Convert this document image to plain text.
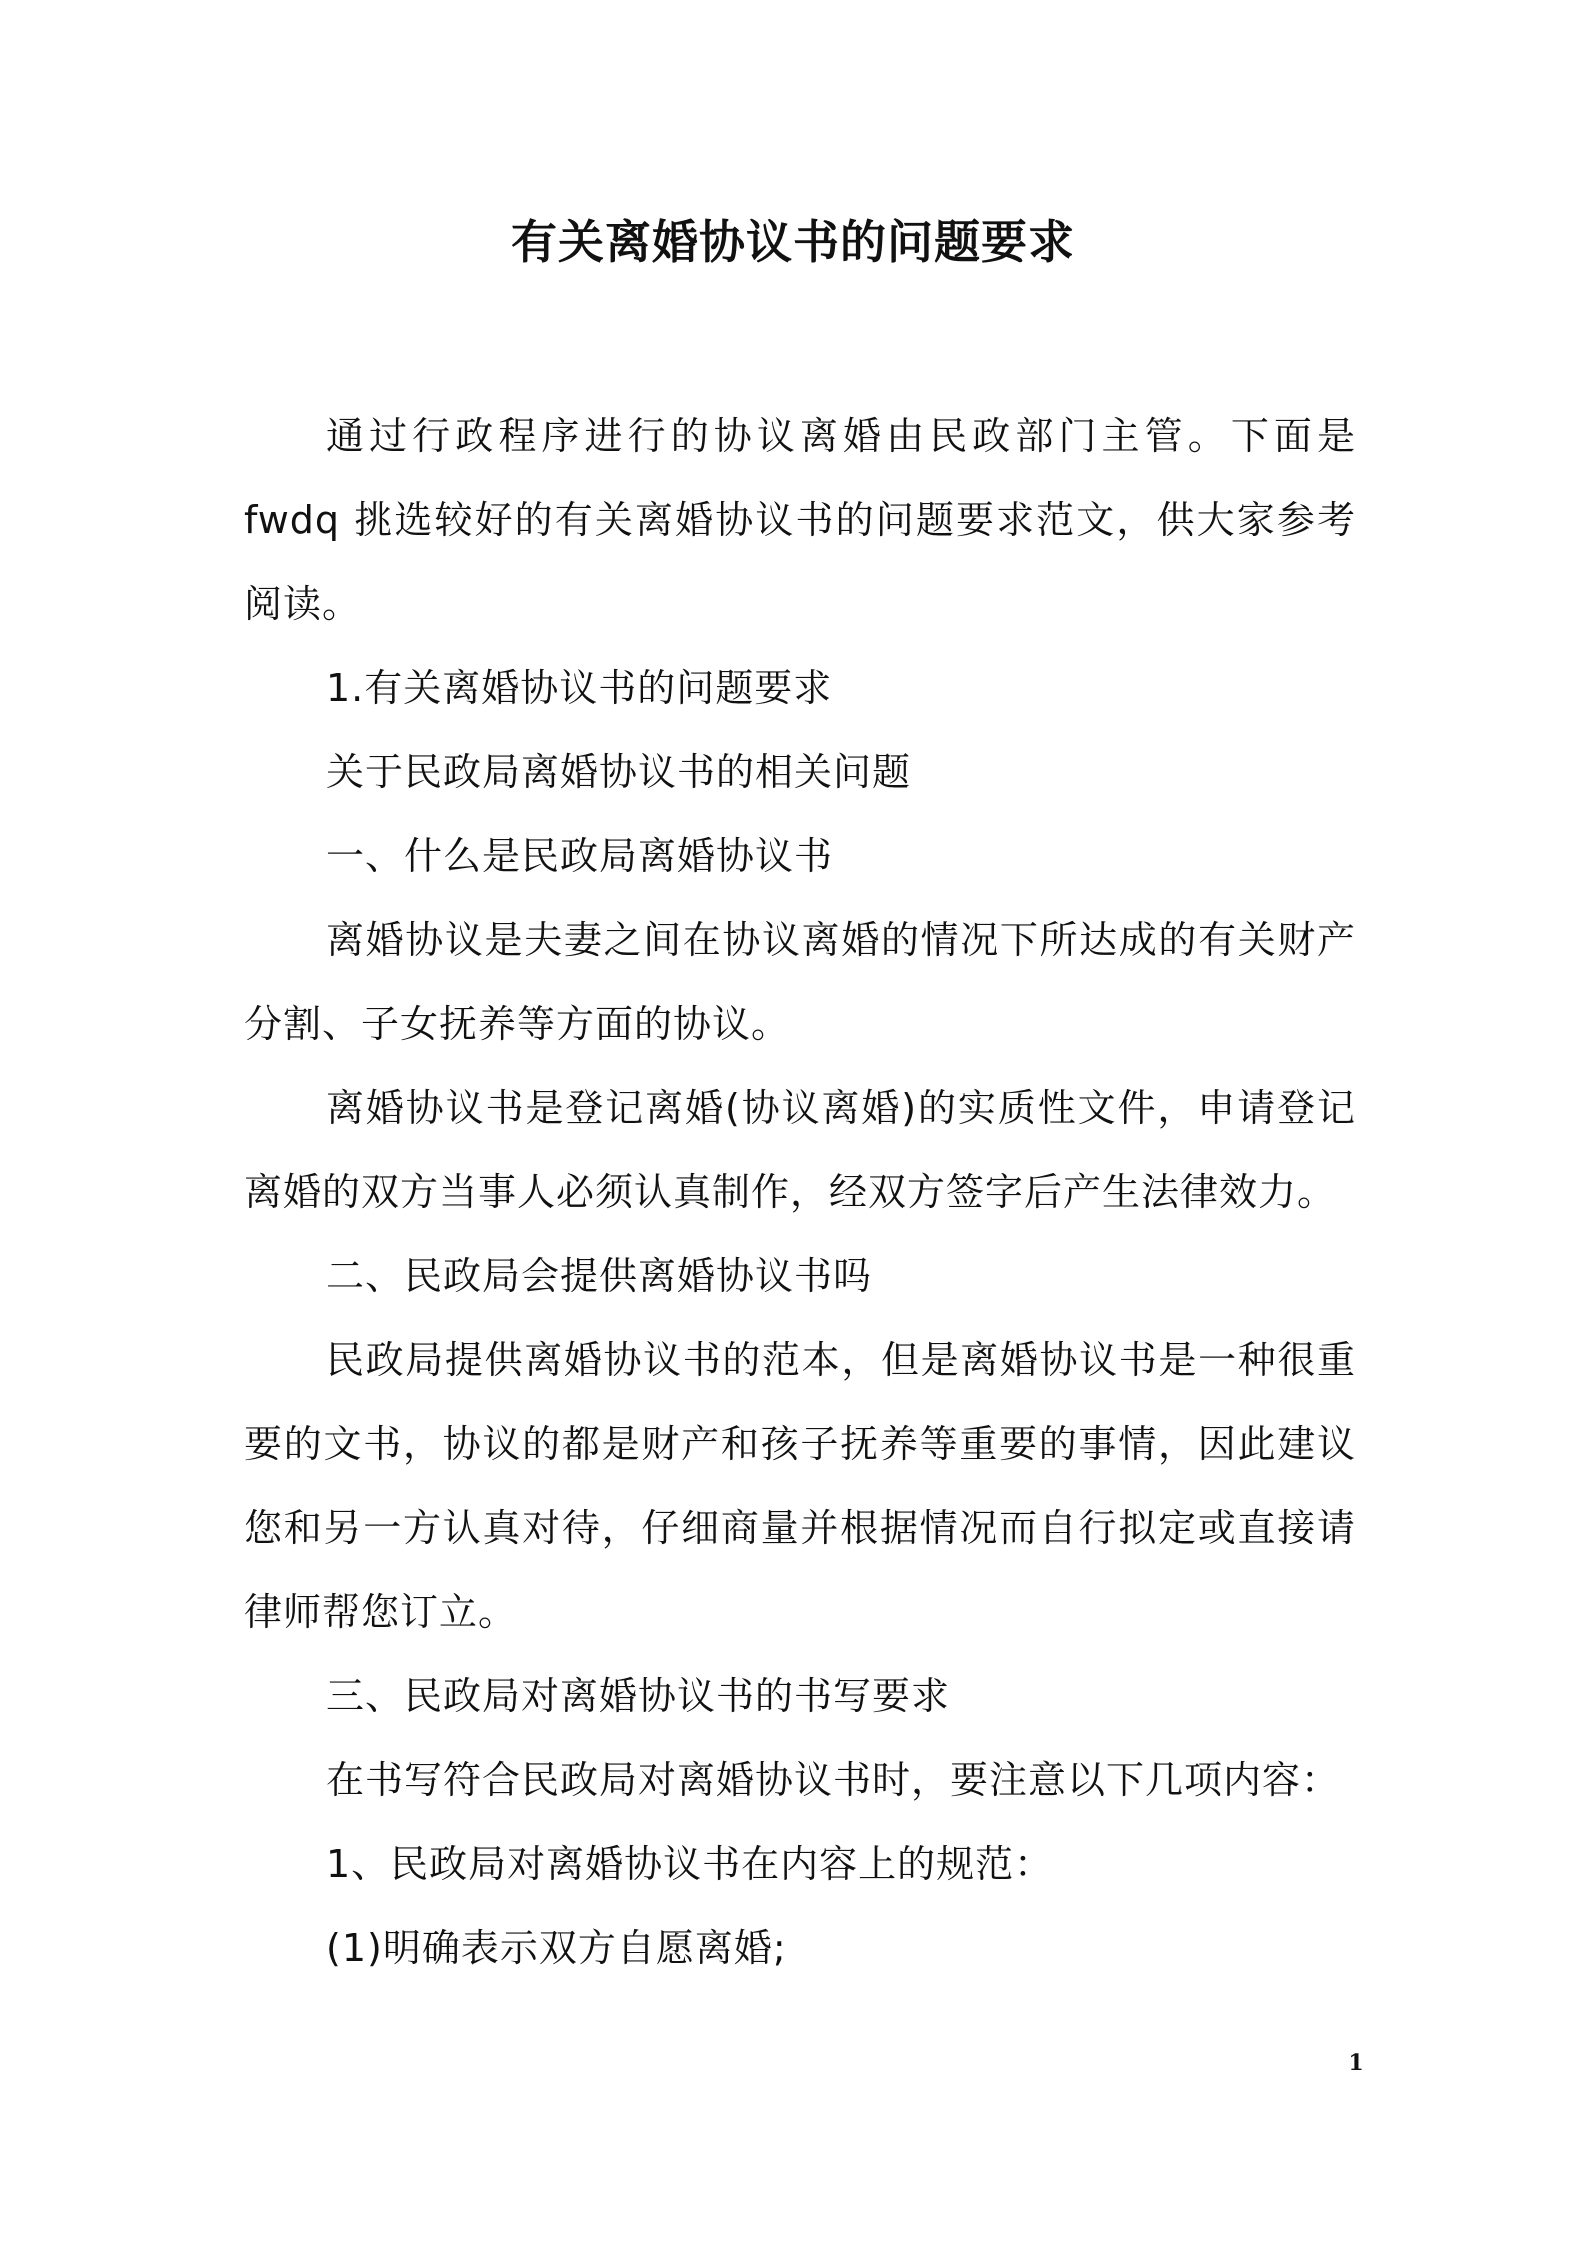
有关离婚协议书的问题要求

通过行政程序进行的协议离婚由民政部门主管。下面是fwdq 挑选较好的有关离婚协议书的问题要求范文，供大家参考阅读。

1.有关离婚协议书的问题要求

关于民政局离婚协议书的相关问题

一、什么是民政局离婚协议书

离婚协议是夫妻之间在协议离婚的情况下所达成的有关财产分割、子女抚养等方面的协议。

离婚协议书是登记离婚(协议离婚)的实质性文件，申请登记离婚的双方当事人必须认真制作，经双方签字后产生法律效力。

二、民政局会提供离婚协议书吗

民政局提供离婚协议书的范本，但是离婚协议书是一种很重要的文书，协议的都是财产和孩子抚养等重要的事情，因此建议您和另一方认真对待，仔细商量并根据情况而自行拟定或直接请律师帮您订立。

三、民政局对离婚协议书的书写要求

在书写符合民政局对离婚协议书时，要注意以下几项内容：

1、民政局对离婚协议书在内容上的规范：

(1)明确表示双方自愿离婚;

1
